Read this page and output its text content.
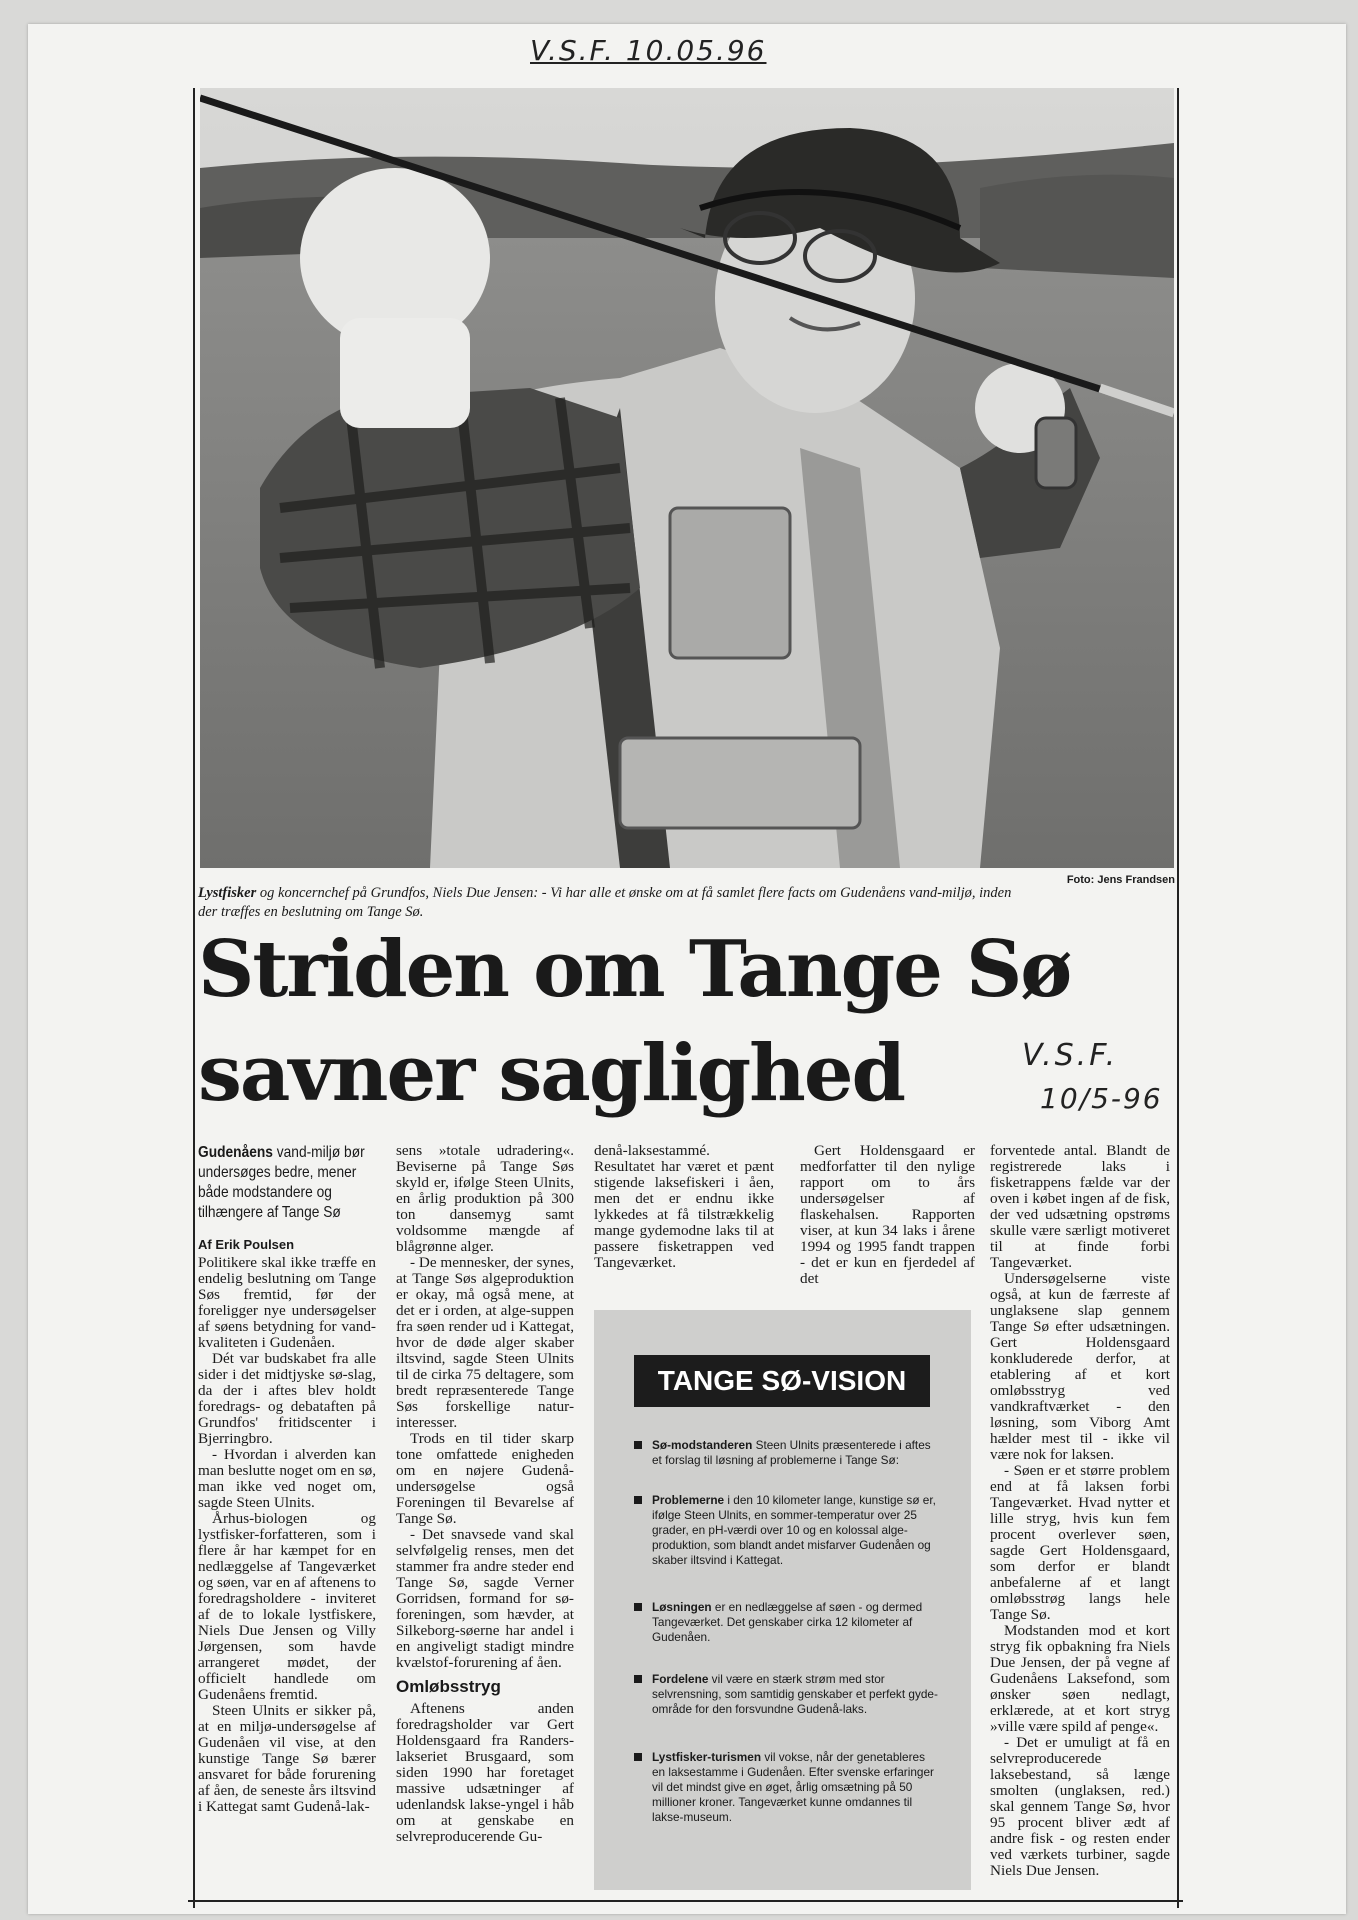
V.S.F. 10.05.96
Foto: Jens Frandsen
Lystfisker og koncernchef på Grundfos, Niels Due Jensen: - Vi har alle et ønske om at få samlet flere facts om Gudenåens vand-miljø, inden der træffes en beslutning om Tange Sø.
Striden om Tange Sø
savner saglighed	V.S.F.
10/5-96
Gudenåens vand-miljø bør undersøges bedre, mener både modstandere og tilhængere af Tange Sø
Af Erik Poulsen

Politikere skal ikke træffe en endelig beslutning om Tange Søs fremtid, før der foreligger nye undersøgelser af søens betydning for vand-kvaliteten i Gudenåen.

Dét var budskabet fra alle sider i det midtjyske sø-slag, da der i aftes blev holdt foredrags- og debataften på Grundfos' fritidscenter i Bjerringbro.

- Hvordan i alverden kan man beslutte noget om en sø, man ikke ved noget om, sagde Steen Ulnits.

Århus-biologen og lystfisker-forfatteren, som i flere år har kæmpet for en nedlæggelse af Tangeværket og søen, var en af aftenens to foredragsholdere - inviteret af de to lokale lystfiskere, Niels Due Jensen og Villy Jørgensen, som havde arrangeret mødet, der officielt handlede om Gudenåens fremtid.

Steen Ulnits er sikker på, at en miljø-undersøgelse af Gudenåen vil vise, at den kunstige Tange Sø bærer ansvaret for både forurening af åen, de seneste års iltsvind i Kattegat samt Gudenå-lak-

sens »totale udradering«. Beviserne på Tange Søs skyld er, ifølge Steen Ulnits, en årlig produktion på 300 ton dansemyg samt voldsomme mængde af blågrønne alger.

- De mennesker, der synes, at Tange Søs algeproduktion er okay, må også mene, at det er i orden, at alge-suppen fra søen render ud i Kattegat, hvor de døde alger skaber iltsvind, sagde Steen Ulnits til de cirka 75 deltagere, som bredt repræsenterede Tange Søs forskellige natur-interesser.

Trods en til tider skarp tone omfattede enigheden om en nøjere Gudenå-undersøgelse også Foreningen til Bevarelse af Tange Sø.

- Det snavsede vand skal selvfølgelig renses, men det stammer fra andre steder end Tange Sø, sagde Verner Gorridsen, formand for sø-foreningen, som hævder, at Silkeborg-søerne har andel i en angiveligt stadigt mindre kvælstof-forurening af åen.

Omløbsstryg

Aftenens anden foredragsholder var Gert Holdensgaard fra Randers-lakseriet Brusgaard, som siden 1990 har foretaget massive udsætninger af udenlandsk lakse-yngel i håb om at genskabe en selvreproducerende Gu-

denå-laksestammé. Resultatet har været et pænt stigende laksefiskeri i åen, men det er endnu ikke lykkedes at få tilstrækkelig mange gydemodne laks til at passere fisketrappen ved Tangeværket.

Gert Holdensgaard er medforfatter til den nylige rapport om to års undersøgelser af flaskehalsen. Rapporten viser, at kun 34 laks i årene 1994 og 1995 fandt trappen - det er kun en fjerdedel af det

forventede antal. Blandt de registrerede laks i fisketrappens fælde var der oven i købet ingen af de fisk, der ved udsætning opstrøms skulle være særligt motiveret til at finde forbi Tangeværket.

Undersøgelserne viste også, at kun de færreste af unglaksene slap gennem Tange Sø efter udsætningen. Gert Holdensgaard konkluderede derfor, at etablering af et kort omløbsstryg ved vandkraftværket - den løsning, som Viborg Amt hælder mest til - ikke vil være nok for laksen.

- Søen er et større problem end at få laksen forbi Tangeværket. Hvad nytter et lille stryg, hvis kun fem procent overlever søen, sagde Gert Holdensgaard, som derfor er blandt anbefalerne af et langt omløbsstrøg langs hele Tange Sø.

Modstanden mod et kort stryg fik opbakning fra Niels Due Jensen, der på vegne af Gudenåens Laksefond, som ønsker søen nedlagt, erklærede, at et kort stryg »ville være spild af penge«.

- Det er umuligt at få en selvreproducerede laksebestand, så længe smolten (unglaksen, red.) skal gennem Tange Sø, hvor 95 procent bliver ædt af andre fisk - og resten ender ved værkets turbiner, sagde Niels Due Jensen.

TANGE SØ-VISION
Sø-modstanderen Steen Ulnits præsenterede i aftes et forslag til løsning af problemerne i Tange Sø:
Problemerne i den 10 kilometer lange, kunstige sø er, ifølge Steen Ulnits, en sommer-temperatur over 25 grader, en pH-værdi over 10 og en kolossal alge-produktion, som blandt andet misfarver Gudenåen og skaber iltsvind i Kattegat.
Løsningen er en nedlæggelse af søen - og dermed Tangeværket. Det genskaber cirka 12 kilometer af Gudenåen.
Fordelene vil være en stærk strøm med stor selvrensning, som samtidig genskaber et perfekt gyde-område for den forsvundne Gudenå-laks.
Lystfisker-turismen vil vokse, når der genetableres en laksestamme i Gudenåen. Efter svenske erfaringer vil det mindst give en øget, årlig omsætning på 50 millioner kroner. Tangeværket kunne omdannes til lakse-museum.
